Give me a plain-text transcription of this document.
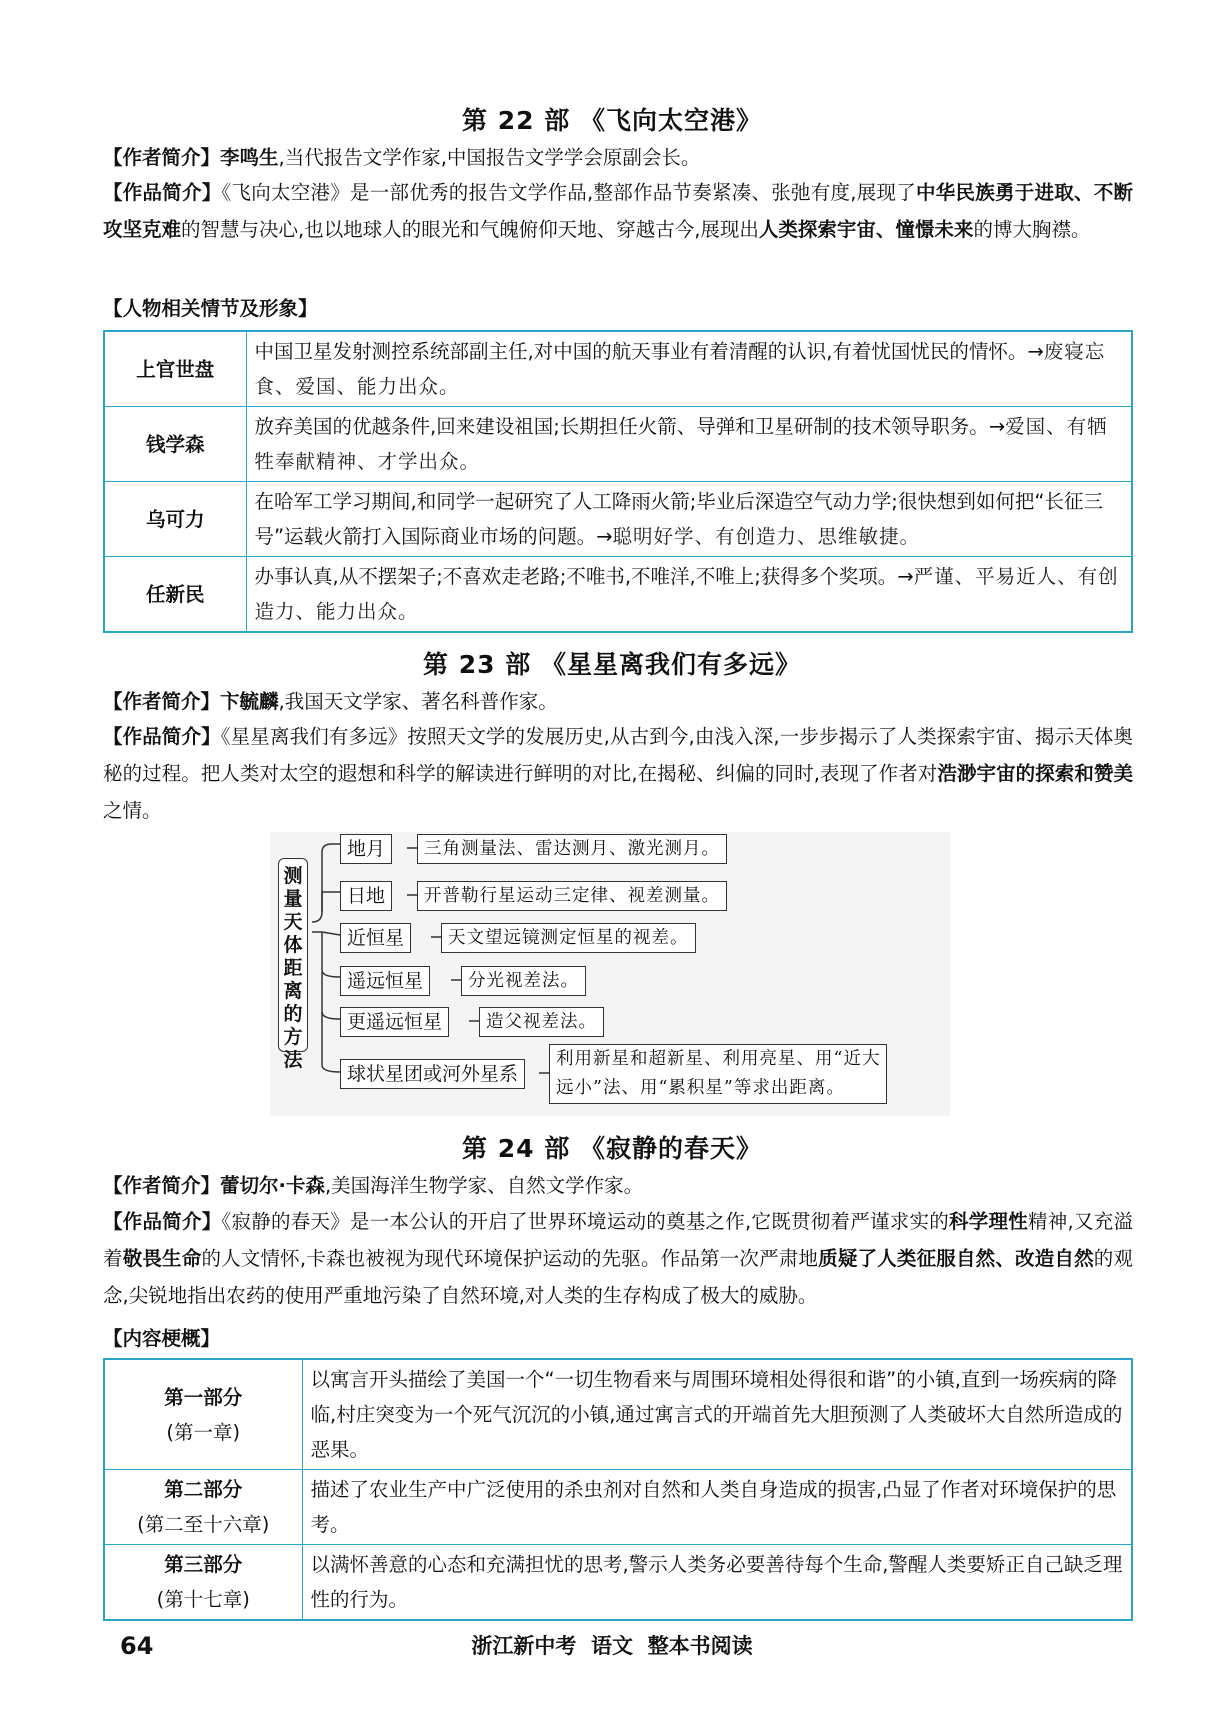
第 22 部 《飞向太空港》
【作者简介】李鸣生,当代报告文学作家,中国报告文学学会原副会长。
【作品简介】《飞向太空港》是一部优秀的报告文学作品,整部作品节奏紧凑、张弛有度,展现了中华民族勇于进取、不断攻坚克难的智慧与决心,也以地球人的眼光和气魄俯仰天地、穿越古今,展现出人类探索宇宙、憧憬未来的博大胸襟。
【人物相关情节及形象】
上官世盘	中国卫星发射测控系统部副主任,对中国的航天事业有着清醒的认识,有着忧国忧民的情怀。→废寝忘食、爱国、能力出众。
钱学森	放弃美国的优越条件,回来建设祖国;长期担任火箭、导弹和卫星研制的技术领导职务。→爱国、有牺牲奉献精神、才学出众。
乌可力	在哈军工学习期间,和同学一起研究了人工降雨火箭;毕业后深造空气动力学;很快想到如何把“长征三号”运载火箭打入国际商业市场的问题。→聪明好学、有创造力、思维敏捷。
任新民	办事认真,从不摆架子;不喜欢走老路;不唯书,不唯洋,不唯上;获得多个奖项。→严谨、平易近人、有创造力、能力出众。
第 23 部 《星星离我们有多远》
【作者简介】卞毓麟,我国天文学家、著名科普作家。
【作品简介】《星星离我们有多远》按照天文学的发展历史,从古到今,由浅入深,一步步揭示了人类探索宇宙、揭示天体奥秘的过程。把人类对太空的遐想和科学的解读进行鲜明的对比,在揭秘、纠偏的同时,表现了作者对浩渺宇宙的探索和赞美之情。
测量天体距离的方法
地月	三角测量法、雷达测月、激光测月。
日地	开普勒行星运动三定律、视差测量。
近恒星	天文望远镜测定恒星的视差。
遥远恒星	分光视差法。
更遥远恒星	造父视差法。
球状星团或河外星系
利用新星和超新星、利用亮星、用“近大
远小”法、用“累积星”等求出距离。
第 24 部 《寂静的春天》
【作者简介】蕾切尔·卡森,美国海洋生物学家、自然文学作家。
【作品简介】《寂静的春天》是一本公认的开启了世界环境运动的奠基之作,它既贯彻着严谨求实的科学理性精神,又充溢着敬畏生命的人文情怀,卡森也被视为现代环境保护运动的先驱。作品第一次严肃地质疑了人类征服自然、改造自然的观念,尖锐地指出农药的使用严重地污染了自然环境,对人类的生存构成了极大的威胁。
【内容梗概】
第一部分
(第一章)	以寓言开头描绘了美国一个“一切生物看来与周围环境相处得很和谐”的小镇,直到一场疾病的降临,村庄突变为一个死气沉沉的小镇,通过寓言式的开端首先大胆预测了人类破坏大自然所造成的恶果。

第二部分
(第二至十六章)	描述了农业生产中广泛使用的杀虫剂对自然和人类自身造成的损害,凸显了作者对环境保护的思考。

第三部分
(第十七章)	以满怀善意的心态和充满担忧的思考,警示人类务必要善待每个生命,警醒人类要矫正自己缺乏理性的行为。
64	浙江新中考  语文  整本书阅读
